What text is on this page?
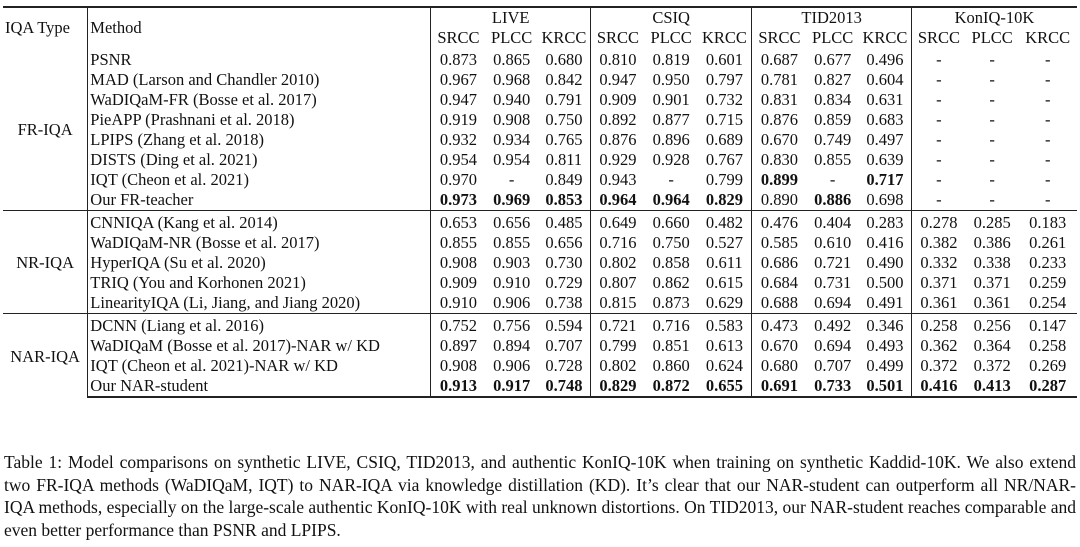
IQA Type	Method	LIVE			CSIQ			TID2013			KonIQ-10K		
		SRCC	PLCC	KRCC	SRCC	PLCC	KRCC	SRCC	PLCC	KRCC	SRCC	PLCC	KRCC
FR-IQA	PSNR	0.873	0.865	0.680	0.810	0.819	0.601	0.687	0.677	0.496	-	-	-
	MAD (Larson and Chandler 2010)	0.967	0.968	0.842	0.947	0.950	0.797	0.781	0.827	0.604	-	-	-
	WaDIQaM-FR (Bosse et al. 2017)	0.947	0.940	0.791	0.909	0.901	0.732	0.831	0.834	0.631	-	-	-
	PieAPP (Prashnani et al. 2018)	0.919	0.908	0.750	0.892	0.877	0.715	0.876	0.859	0.683	-	-	-
	LPIPS (Zhang et al. 2018)	0.932	0.934	0.765	0.876	0.896	0.689	0.670	0.749	0.497	-	-	-
	DISTS (Ding et al. 2021)	0.954	0.954	0.811	0.929	0.928	0.767	0.830	0.855	0.639	-	-	-
	IQT (Cheon et al. 2021)	0.970	-	0.849	0.943	-	0.799	0.899	-	0.717	-	-	-
	Our FR-teacher	0.973	0.969	0.853	0.964	0.964	0.829	0.890	0.886	0.698	-	-	-
NR-IQA	CNNIQA (Kang et al. 2014)	0.653	0.656	0.485	0.649	0.660	0.482	0.476	0.404	0.283	0.278	0.285	0.183
	WaDIQaM-NR (Bosse et al. 2017)	0.855	0.855	0.656	0.716	0.750	0.527	0.585	0.610	0.416	0.382	0.386	0.261
	HyperIQA (Su et al. 2020)	0.908	0.903	0.730	0.802	0.858	0.611	0.686	0.721	0.490	0.332	0.338	0.233
	TRIQ (You and Korhonen 2021)	0.909	0.910	0.729	0.807	0.862	0.615	0.684	0.731	0.500	0.371	0.371	0.259
	LinearityIQA (Li, Jiang, and Jiang 2020)	0.910	0.906	0.738	0.815	0.873	0.629	0.688	0.694	0.491	0.361	0.361	0.254
NAR-IQA	DCNN (Liang et al. 2016)	0.752	0.756	0.594	0.721	0.716	0.583	0.473	0.492	0.346	0.258	0.256	0.147
	WaDIQaM (Bosse et al. 2017)-NAR w/ KD	0.897	0.894	0.707	0.799	0.851	0.613	0.670	0.694	0.493	0.362	0.364	0.258
	IQT (Cheon et al. 2021)-NAR w/ KD	0.908	0.906	0.728	0.802	0.860	0.624	0.680	0.707	0.499	0.372	0.372	0.269
	Our NAR-student	0.913	0.917	0.748	0.829	0.872	0.655	0.691	0.733	0.501	0.416	0.413	0.287
Table 1: Model comparisons on synthetic LIVE, CSIQ, TID2013, and authentic KonIQ-10K when training on synthetic Kaddid-10K. We also extend two FR-IQA methods (WaDIQaM, IQT) to NAR-IQA via knowledge distillation (KD). It’s clear that our NAR-student can outperform all NR/NAR-IQA methods, especially on the large-scale authentic KonIQ-10K with real unknown distortions. On TID2013, our NAR-student reaches comparable and even better performance than PSNR and LPIPS.
